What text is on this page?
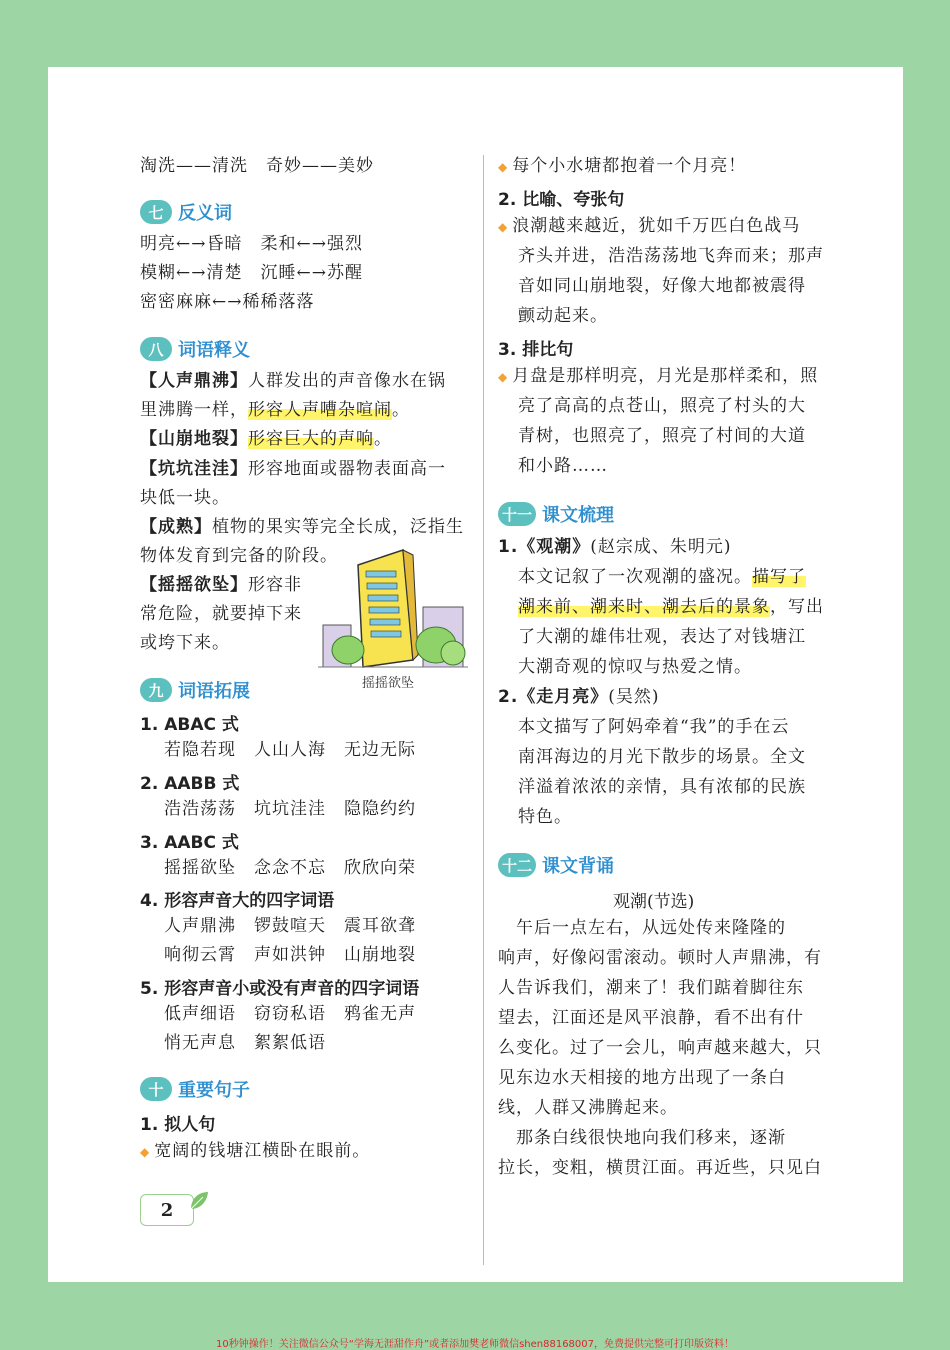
淘洗——清洗　奇妙——美妙
七 反义词
明亮←→昏暗　柔和←→强烈
模糊←→清楚　沉睡←→苏醒
密密麻麻←→稀稀落落
八 词语释义
【人声鼎沸】人群发出的声音像水在锅
里沸腾一样，形容人声嘈杂喧闹。
【山崩地裂】形容巨大的声响。
【坑坑洼洼】形容地面或器物表面高一
块低一块。
【成熟】植物的果实等完全长成，泛指生
物体发育到完备的阶段。
【摇摇欲坠】形容非
常危险，就要掉下来
或垮下来。
摇摇欲坠
九 词语拓展
1. ABAC 式
若隐若现　人山人海　无边无际
2. AABB 式
浩浩荡荡　坑坑洼洼　隐隐约约
3. AABC 式
摇摇欲坠　念念不忘　欣欣向荣
4. 形容声音大的四字词语
人声鼎沸　锣鼓喧天　震耳欲聋
响彻云霄　声如洪钟　山崩地裂
5. 形容声音小或没有声音的四字词语
低声细语　窃窃私语　鸦雀无声
悄无声息　絮絮低语
十 重要句子
1. 拟人句
◆ 宽阔的钱塘江横卧在眼前。
2
◆ 每个小水塘都抱着一个月亮！
2. 比喻、夸张句
◆ 浪潮越来越近，犹如千万匹白色战马
齐头并进，浩浩荡荡地飞奔而来；那声
音如同山崩地裂，好像大地都被震得
颤动起来。
3. 排比句
◆ 月盘是那样明亮，月光是那样柔和，照
亮了高高的点苍山，照亮了村头的大
青树，也照亮了，照亮了村间的大道
和小路……
十一 课文梳理
1.《观潮》(赵宗成、朱明元)
本文记叙了一次观潮的盛况。描写了
潮来前、潮来时、潮去后的景象，写出
了大潮的雄伟壮观，表达了对钱塘江
大潮奇观的惊叹与热爱之情。
2.《走月亮》(吴然)
本文描写了阿妈牵着“我”的手在云
南洱海边的月光下散步的场景。全文
洋溢着浓浓的亲情，具有浓郁的民族
特色。
十二 课文背诵
观潮(节选)
　午后一点左右，从远处传来隆隆的
响声，好像闷雷滚动。顿时人声鼎沸，有
人告诉我们，潮来了！我们踮着脚往东
望去，江面还是风平浪静，看不出有什
么变化。过了一会儿，响声越来越大，只
见东边水天相接的地方出现了一条白
线，人群又沸腾起来。
　那条白线很快地向我们移来，逐渐
拉长，变粗，横贯江面。再近些，只见白
10秒钟操作！关注微信公众号“学海无涯甜作舟”或者添加樊老师微信shen88168007，免费提供完整可打印版资料！
